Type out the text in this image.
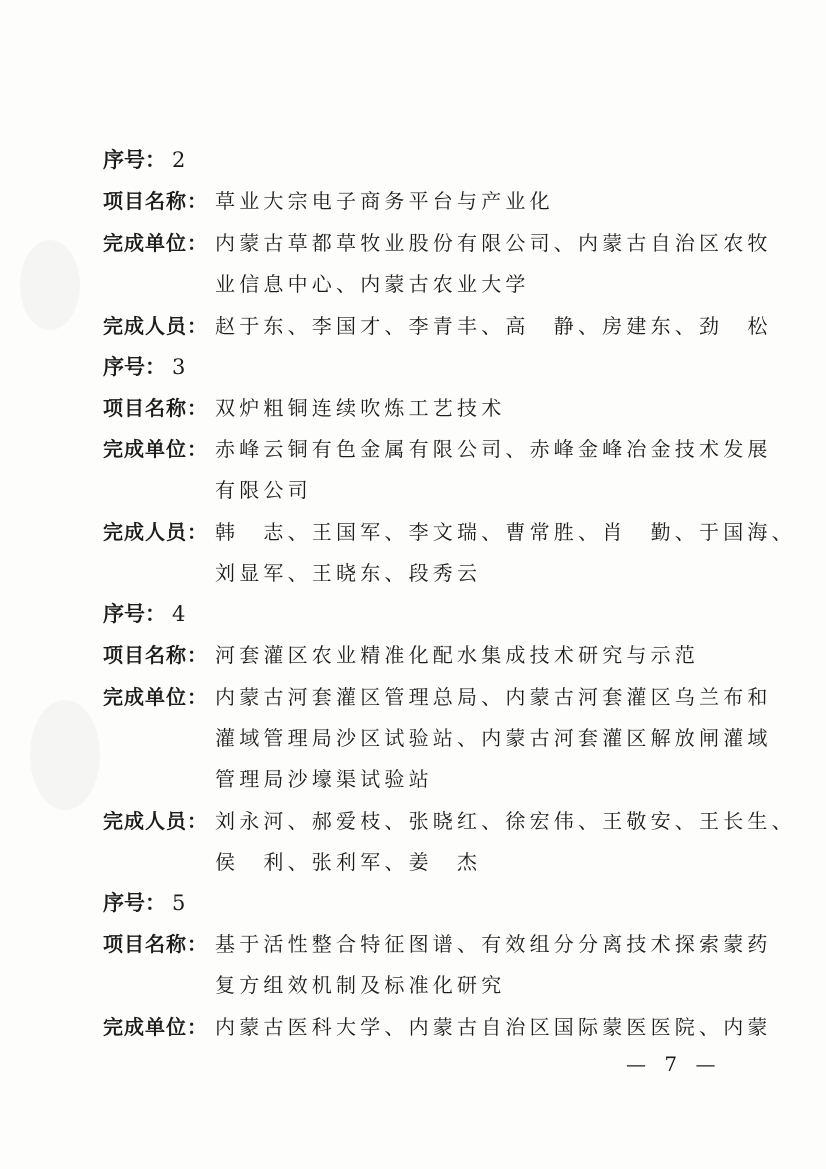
序号： 2
项目名称： 草业大宗电子商务平台与产业化
完成单位： 内蒙古草都草牧业股份有限公司、内蒙古自治区农牧
业信息中心、内蒙古农业大学
完成人员： 赵于东、李国才、李青丰、高　静、房建东、劲　松
序号： 3
项目名称： 双炉粗铜连续吹炼工艺技术
完成单位： 赤峰云铜有色金属有限公司、赤峰金峰冶金技术发展
有限公司
完成人员： 韩　志、王国军、李文瑞、曹常胜、肖　勤、于国海、
刘显军、王晓东、段秀云
序号： 4
项目名称： 河套灌区农业精准化配水集成技术研究与示范
完成单位： 内蒙古河套灌区管理总局、内蒙古河套灌区乌兰布和
灌域管理局沙区试验站、内蒙古河套灌区解放闸灌域
管理局沙壕渠试验站
完成人员： 刘永河、郝爱枝、张晓红、徐宏伟、王敬安、王长生、
侯　利、张利军、姜　杰
序号： 5
项目名称： 基于活性整合特征图谱、有效组分分离技术探索蒙药
复方组效机制及标准化研究
完成单位： 内蒙古医科大学、内蒙古自治区国际蒙医医院、内蒙
— 7 —
